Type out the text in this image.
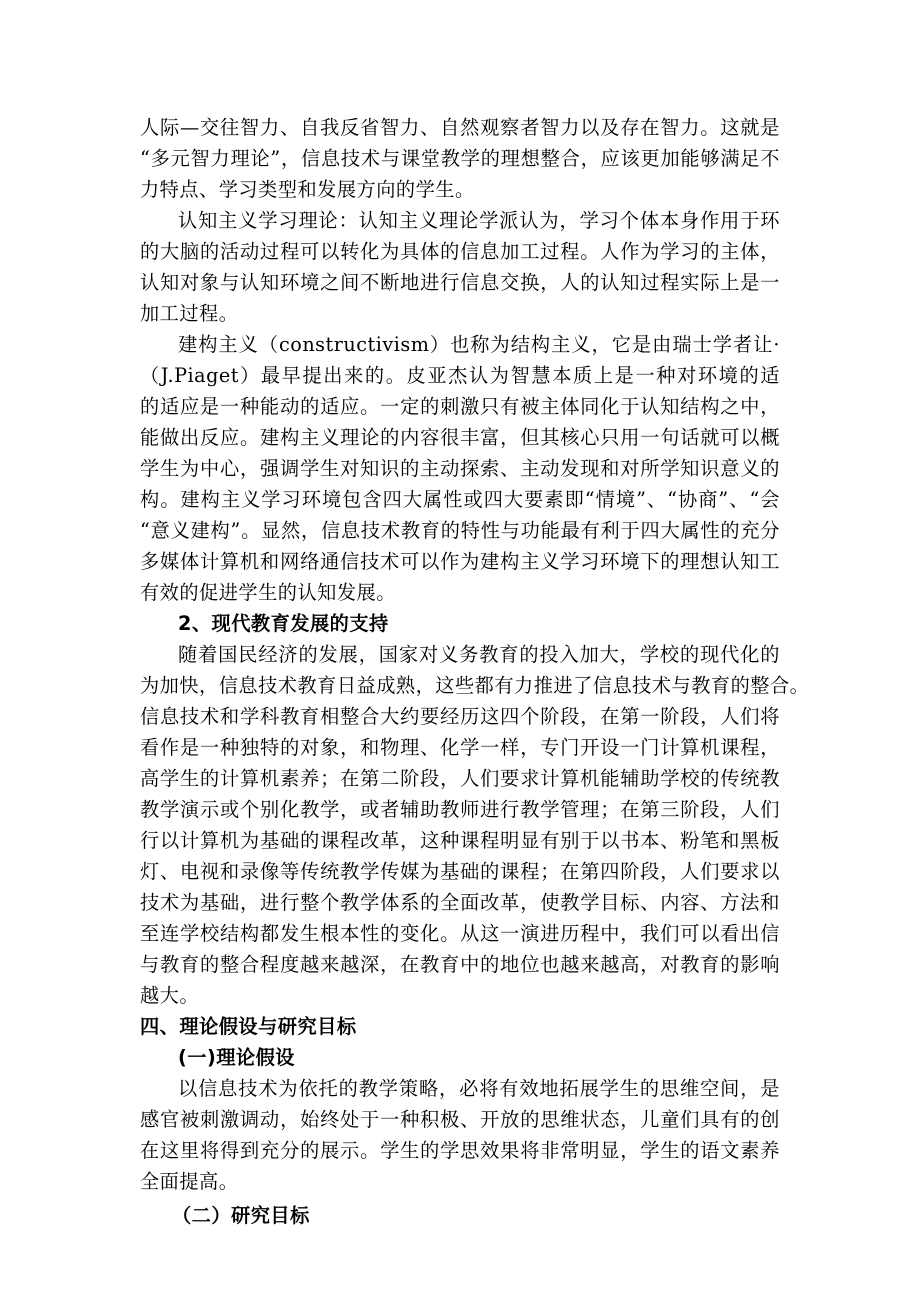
人际—交往智力、自我反省智力、自然观察者智力以及存在智力。这就是
“多元智力理论”，信息技术与课堂教学的理想整合，应该更加能够满足不
力特点、学习类型和发展方向的学生。
认知主义学习理论：认知主义理论学派认为，学习个体本身作用于环
的大脑的活动过程可以转化为具体的信息加工过程。人作为学习的主体，
认知对象与认知环境之间不断地进行信息交换，人的认知过程实际上是一
加工过程。
建构主义（constructivism）也称为结构主义，它是由瑞士学者让·
（J.Piaget）最早提出来的。皮亚杰认为智慧本质上是一种对环境的适
的适应是一种能动的适应。一定的刺激只有被主体同化于认知结构之中，
能做出反应。建构主义理论的内容很丰富，但其核心只用一句话就可以概
学生为中心，强调学生对知识的主动探索、主动发现和对所学知识意义的
构。建构主义学习环境包含四大属性或四大要素即“情境”、“协商”、“会
“意义建构”。显然，信息技术教育的特性与功能最有利于四大属性的充分
多媒体计算机和网络通信技术可以作为建构主义学习环境下的理想认知工
有效的促进学生的认知发展。
2、现代教育发展的支持
随着国民经济的发展，国家对义务教育的投入加大，学校的现代化的
为加快，信息技术教育日益成熟，这些都有力推进了信息技术与教育的整合。
信息技术和学科教育相整合大约要经历这四个阶段，在第一阶段，人们将
看作是一种独特的对象，和物理、化学一样，专门开设一门计算机课程，
高学生的计算机素养；在第二阶段，人们要求计算机能辅助学校的传统教
教学演示或个别化教学，或者辅助教师进行教学管理；在第三阶段，人们
行以计算机为基础的课程改革，这种课程明显有别于以书本、粉笔和黑板
灯、电视和录像等传统教学传媒为基础的课程；在第四阶段，人们要求以
技术为基础，进行整个教学体系的全面改革，使教学目标、内容、方法和
至连学校结构都发生根本性的变化。从这一演进历程中，我们可以看出信
与教育的整合程度越来越深，在教育中的地位也越来越高，对教育的影响
越大。
四、理论假设与研究目标
(一)理论假设
以信息技术为依托的教学策略，必将有效地拓展学生的思维空间，是
感官被刺激调动，始终处于一种积极、开放的思维状态，儿童们具有的创
在这里将得到充分的展示。学生的学思效果将非常明显，学生的语文素养
全面提高。
（二）研究目标
